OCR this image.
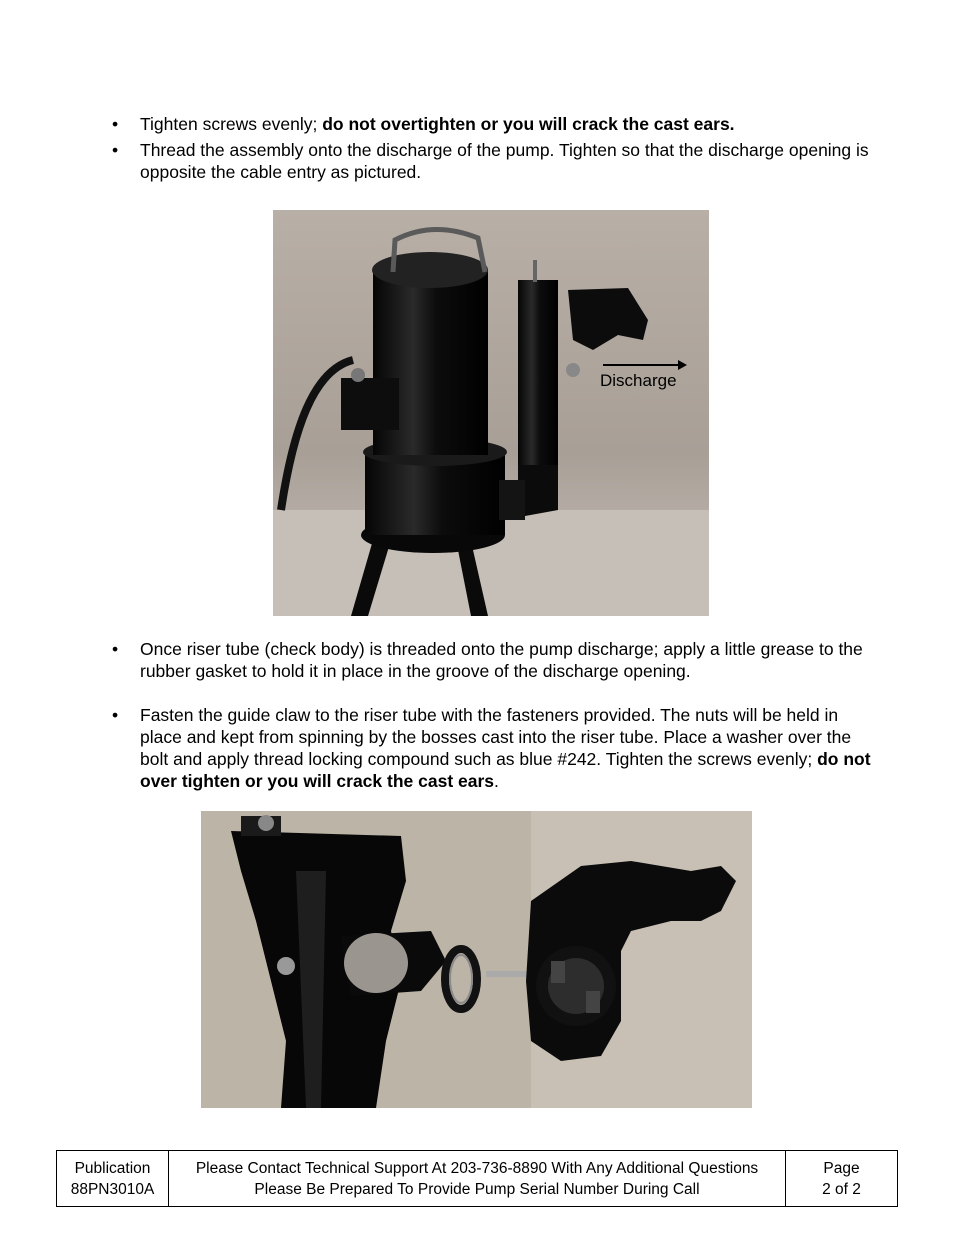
• Tighten screws evenly; do not overtighten or you will crack the cast ears.
• Thread the assembly onto the discharge of the pump. Tighten so that the discharge opening is opposite the cable entry as pictured.
Discharge
• Once riser tube (check body) is threaded onto the pump discharge; apply a little grease to the rubber gasket to hold it in place in the groove of the discharge opening.
• Fasten the guide claw to the riser tube with the fasteners provided. The nuts will be held in place and kept from spinning by the bosses cast into the riser tube. Place a washer over the bolt and apply thread locking compound such as blue #242. Tighten the screws evenly; do not over tighten or you will crack the cast ears.
Publication
88PN3010A

Please Contact Technical Support At 203-736-8890 With Any Additional Questions
Please Be Prepared To Provide Pump Serial Number During Call

Page
2 of 2
